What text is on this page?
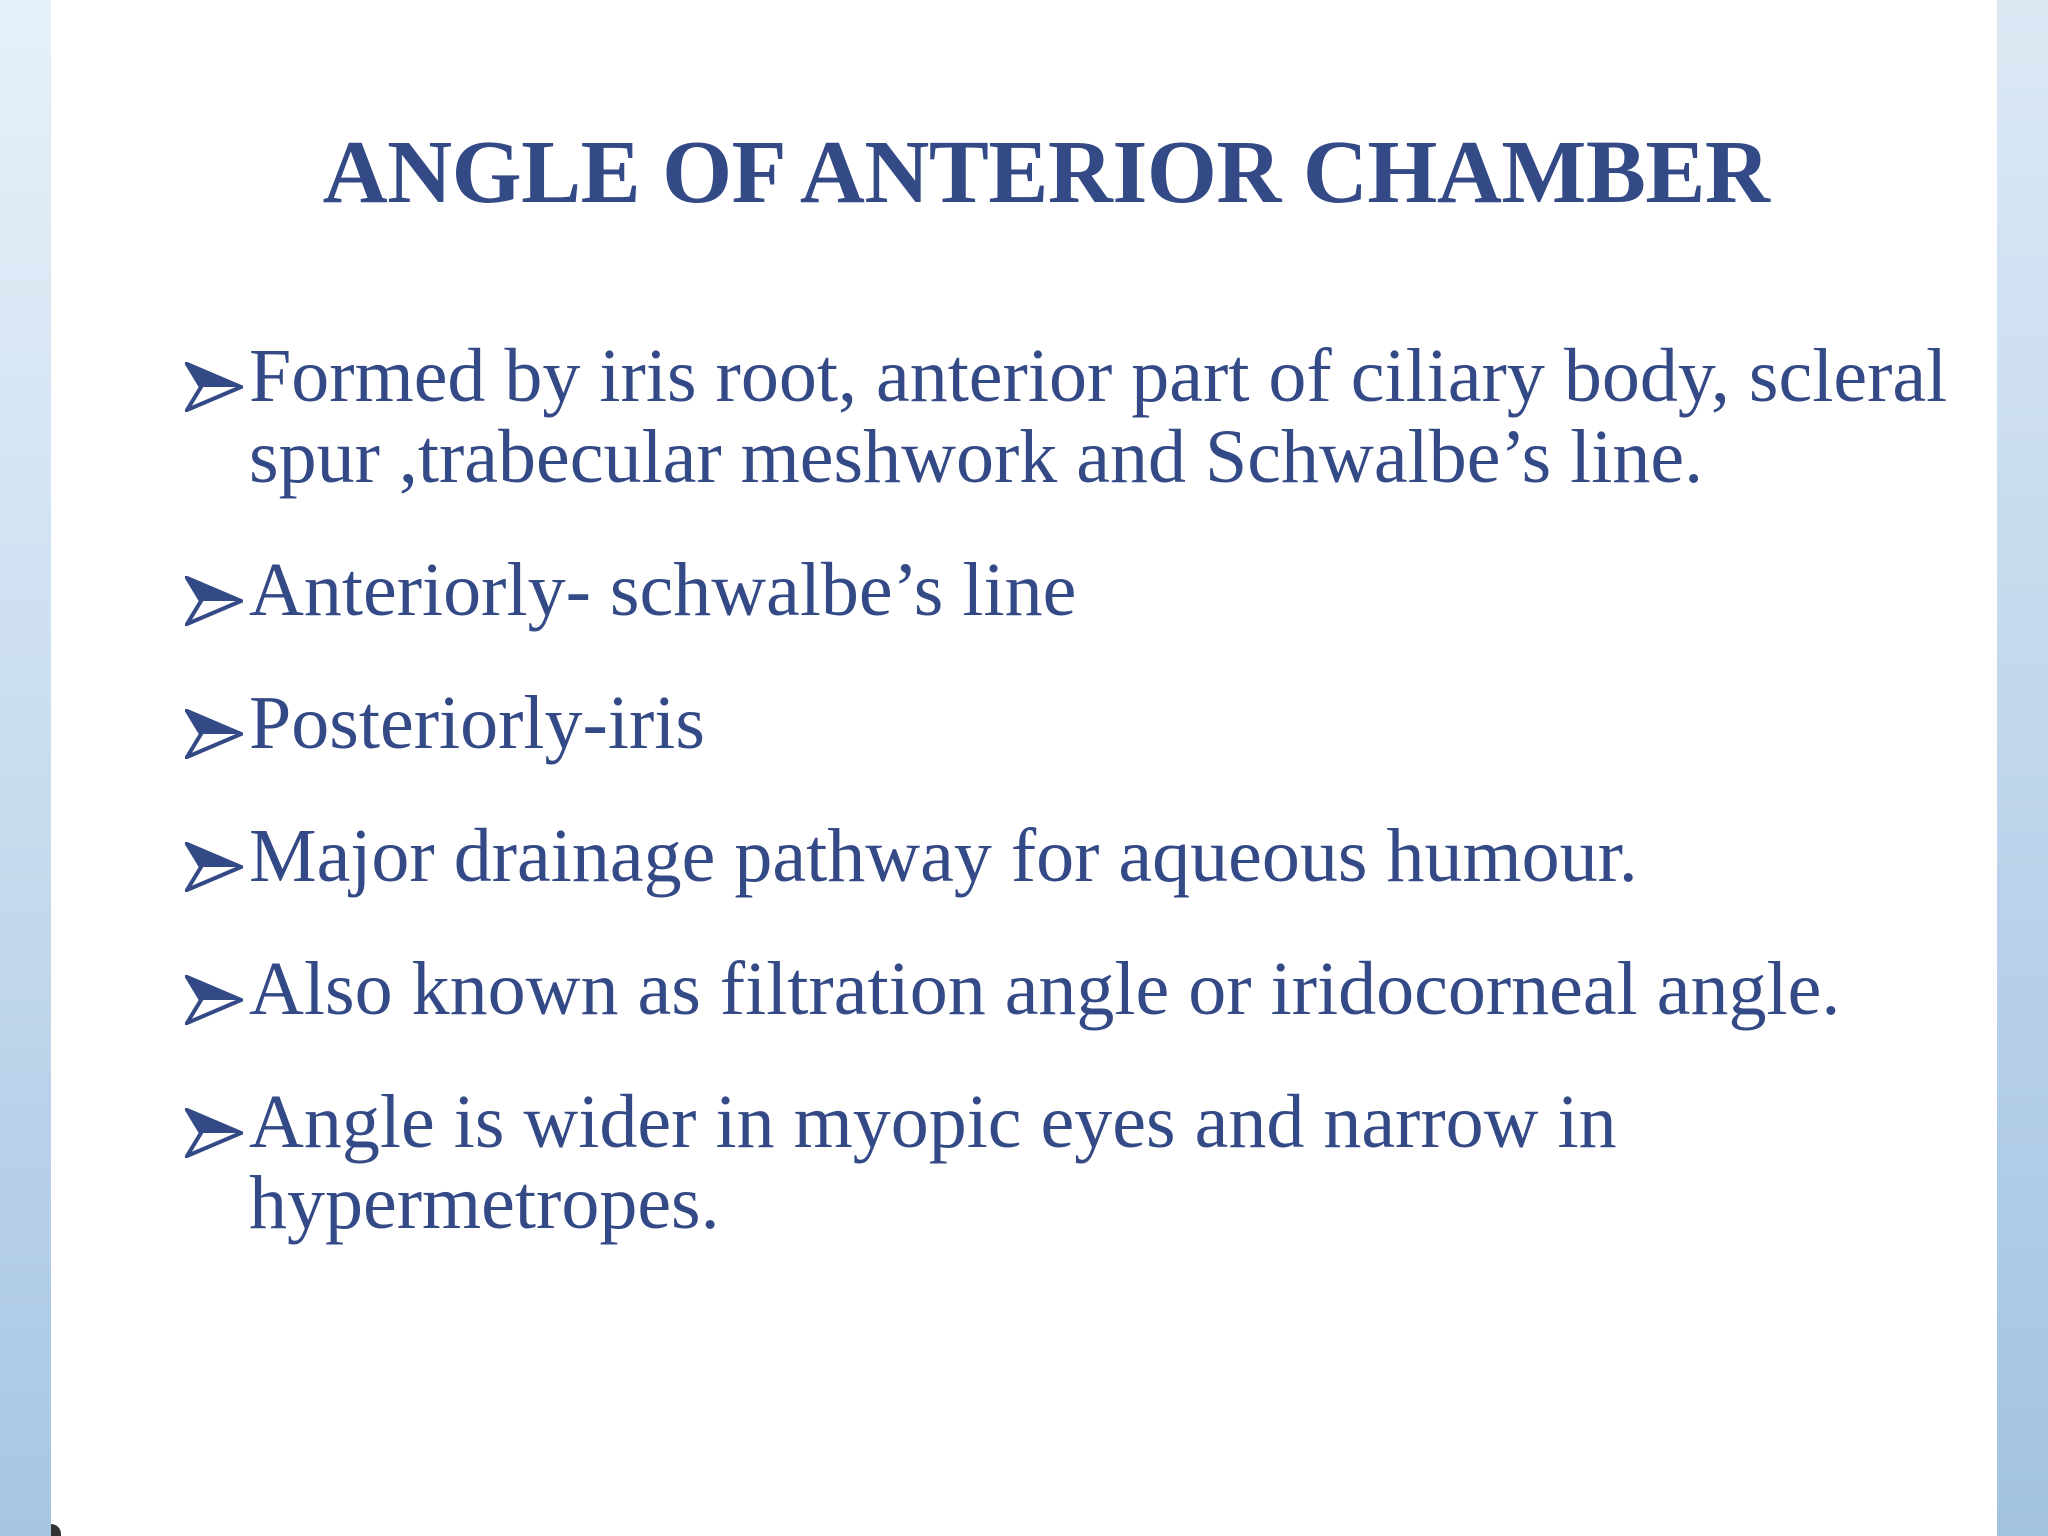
ANGLE OF ANTERIOR CHAMBER
Formed by iris root, anterior part of ciliary body, scleral spur ,trabecular meshwork and Schwalbe’s line.
Anteriorly- schwalbe’s line
Posteriorly-iris
Major drainage pathway for aqueous humour.
Also known as filtration angle or iridocorneal angle.
Angle is wider in myopic eyes and narrow in hypermetropes.
